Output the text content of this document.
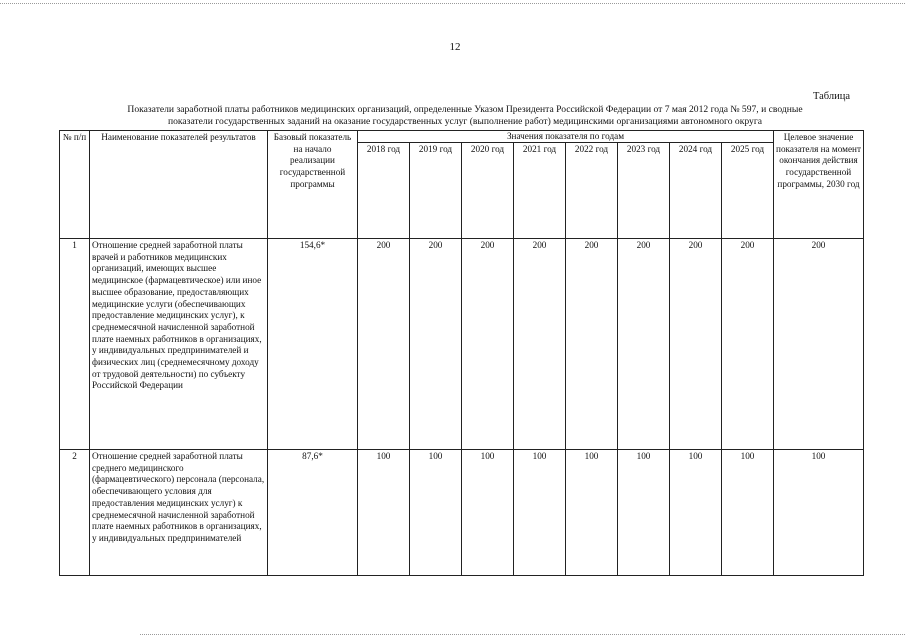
12
Таблица
Показатели заработной платы работников медицинских организаций, определенные Указом Президента Российской Федерации от 7 мая 2012 года № 597, и сводные
показатели государственных заданий на оказание государственных услуг (выполнение работ) медицинскими организациями автономного округа
№ п/п	Наименование показателей результатов	Базовый показатель на начало реализации государственной программы	Значения показателя по годам								Целевое значение показателя на момент окончания действия государственной программы, 2030 год
			2018 год	2019 год	2020 год	2021 год	2022 год	2023 год	2024 год	2025 год	
1	Отношение средней заработной платы врачей и работников медицинских организаций, имеющих высшее медицинское (фармацевтическое) или иное высшее образование, предоставляющих медицинские услуги (обеспечивающих предоставление медицинских услуг), к среднемесячной начисленной заработной плате наемных работников в организациях, у индивидуальных предпринимателей и физических лиц (среднемесячному доходу от трудовой деятельности) по субъекту Российской Федерации	154,6*	200	200	200	200	200	200	200	200	200
2	Отношение средней заработной платы среднего медицинского (фармацевтического) персонала (персонала, обеспечивающего условия для предоставления медицинских услуг) к среднемесячной начисленной заработной плате наемных работников в организациях, у индивидуальных предпринимателей	87,6*	100	100	100	100	100	100	100	100	100
